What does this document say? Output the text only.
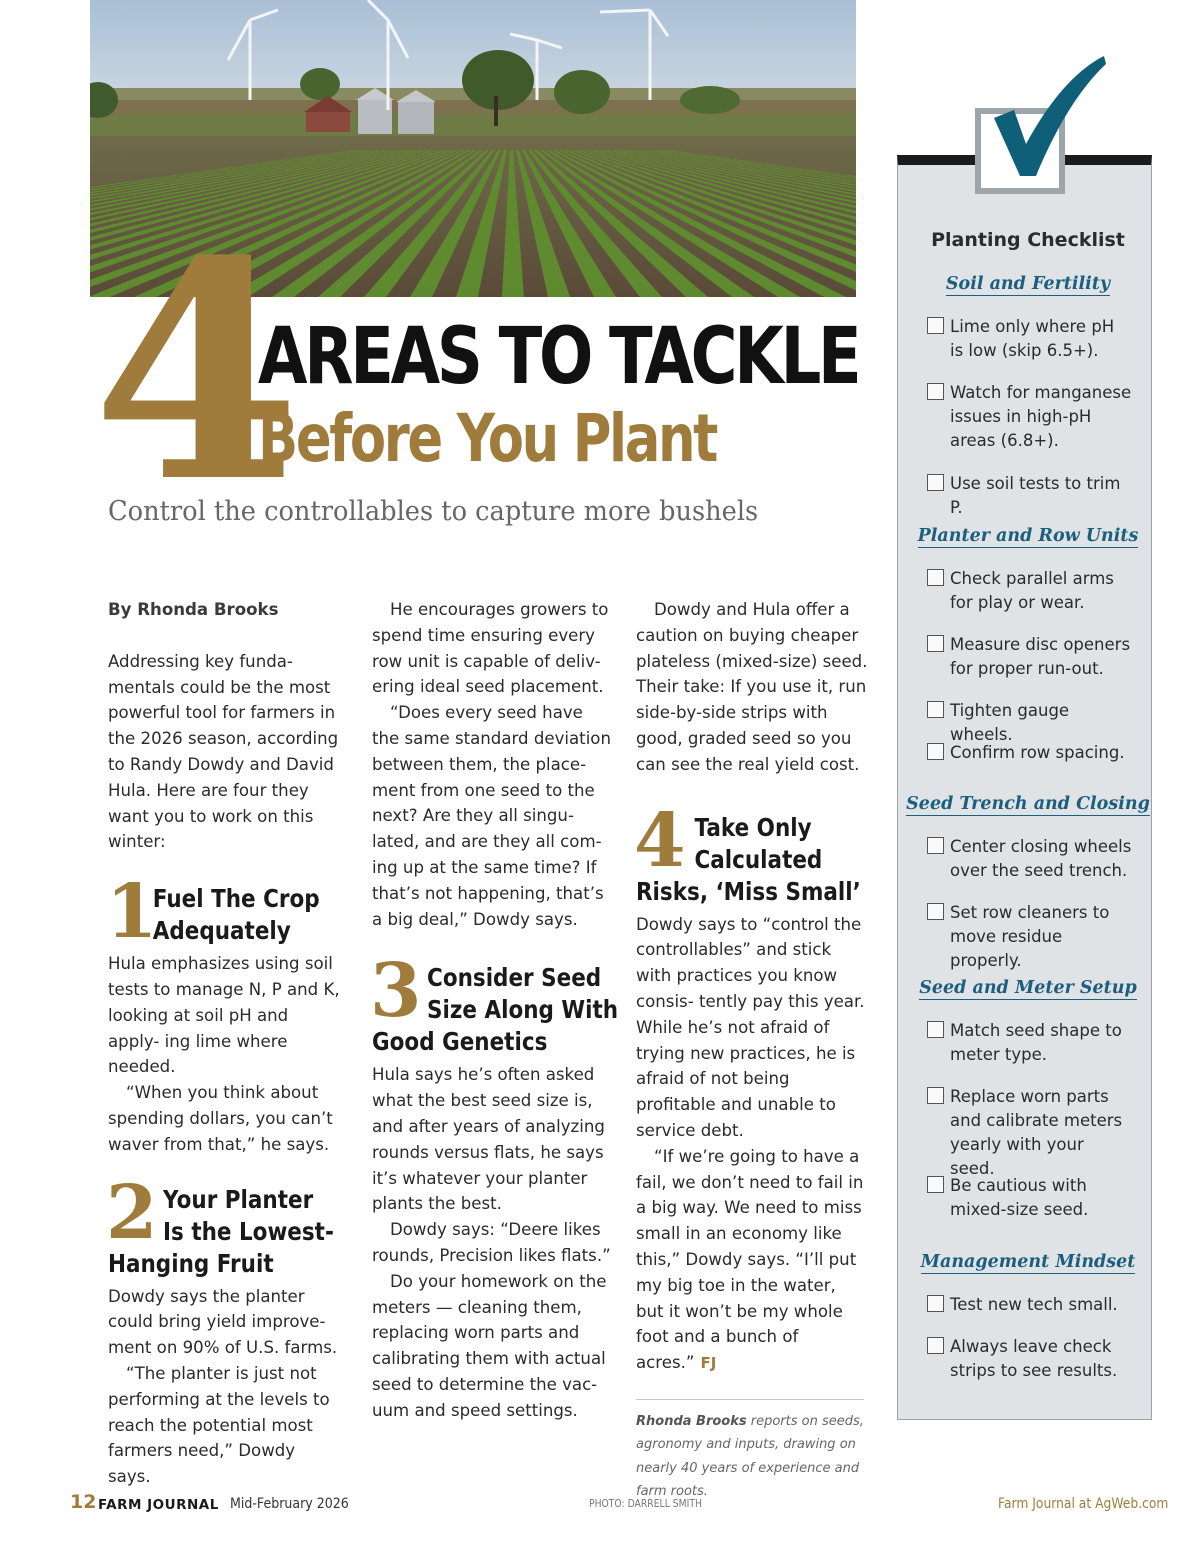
4
AREAS TO TACKLE
Before You Plant
Control the controllables to capture more bushels

By Rhonda Brooks

Addressing key funda- mentals could be the most powerful tool for farmers in the 2026 season, according to Randy Dowdy and David Hula. Here are four they want you to work on this winter:

1
Fuel The Crop
Adequately

Hula emphasizes using soil tests to manage N, P and K, looking at soil pH and apply- ing lime where needed.

“When you think about spending dollars, you can’t waver from that,” he says.

2 Your Planter
Is the Lowest-
Hanging Fruit

Dowdy says the planter could bring yield improve- ment on 90% of U.S. farms.

“The planter is just not performing at the levels to reach the potential most farmers need,” Dowdy says.

He encourages growers to spend time ensuring every row unit is capable of deliv- ering ideal seed placement.

“Does every seed have the same standard deviation between them, the place- ment from one seed to the next? Are they all singu- lated, and are they all com- ing up at the same time? If that’s not happening, that’s a big deal,” Dowdy says.

3 Consider Seed
Size Along With
Good Genetics

Hula says he’s often asked what the best seed size is, and after years of analyzing rounds versus flats, he says it’s whatever your planter plants the best.

Dowdy says: “Deere likes rounds, Precision likes flats.”

Do your homework on the meters — cleaning them, replacing worn parts and calibrating them with actual seed to determine the vac- uum and speed settings.

Dowdy and Hula offer a caution on buying cheaper plateless (mixed-size) seed. Their take: If you use it, run side-by-side strips with good, graded seed so you can see the real yield cost.

4 Take Only
Calculated
Risks, ‘Miss Small’

Dowdy says to “control the controllables” and stick with practices you know consis- tently pay this year. While he’s not afraid of trying new practices, he is afraid of not being profitable and unable to service debt.

“If we’re going to have a fail, we don’t need to fail in a big way. We need to miss small in an economy like this,” Dowdy says. “I’ll put my big toe in the water, but it won’t be my whole foot and a bunch of acres.” FJ

Rhonda Brooks reports on seeds, agronomy and inputs, drawing on nearly 40 years of experience and farm roots.

Planting Checklist
Soil and Fertility
Lime only where pH is low (skip 6.5+).
Watch for manganese issues in high-pH areas (6.8+).
Use soil tests to trim P.
Planter and Row Units
Check parallel arms for play or wear.
Measure disc openers for proper run-out.
Tighten gauge wheels.
Confirm row spacing.
Seed Trench and Closing
Center closing wheels over the seed trench.
Set row cleaners to move residue properly.
Seed and Meter Setup
Match seed shape to meter type.
Replace worn parts and calibrate meters yearly with your seed.
Be cautious with mixed-size seed.
Management Mindset
Test new tech small.
Always leave check strips to see results.
12 FARM JOURNAL Mid-February 2026	PHOTO: DARRELL SMITH	Farm Journal at AgWeb.com
